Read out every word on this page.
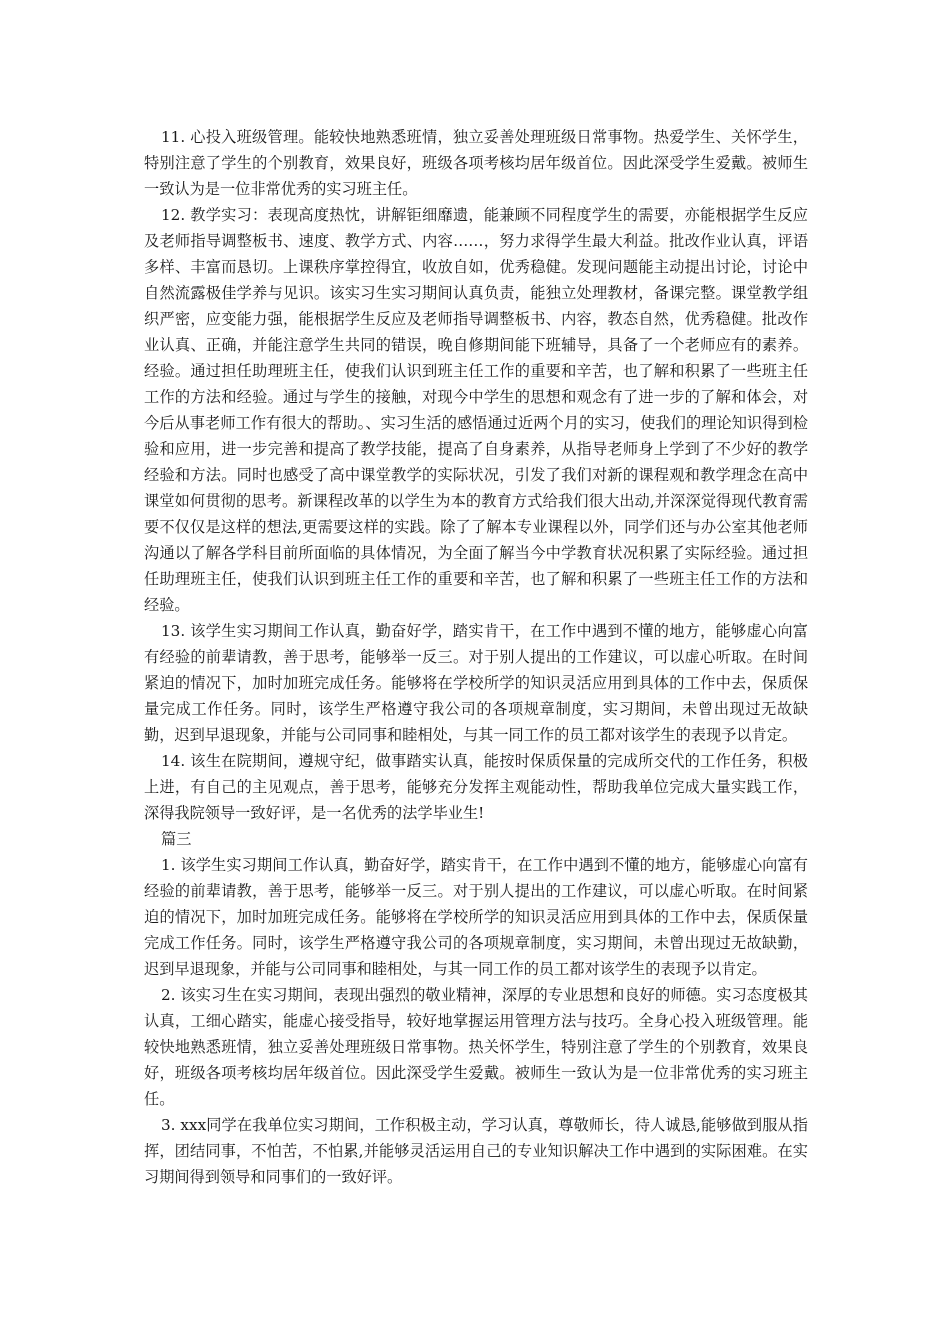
11. 心投入班级管理。能较快地熟悉班情，独立妥善处理班级日常事物。热爱学生、关怀学生，特别注意了学生的个别教育，效果良好，班级各项考核均居年级首位。因此深受学生爱戴。被师生一致认为是一位非常优秀的实习班主任。

12. 教学实习：表现高度热忱，讲解钜细靡遗，能兼顾不同程度学生的需要，亦能根据学生反应及老师指导调整板书、速度、教学方式、内容……，努力求得学生最大利益。批改作业认真，评语多样、丰富而恳切。上课秩序掌控得宜，收放自如，优秀稳健。发现问题能主动提出讨论，讨论中自然流露极佳学养与见识。该实习生实习期间认真负责，能独立处理教材，备课完整。课堂教学组织严密，应变能力强，能根据学生反应及老师指导调整板书、内容，教态自然，优秀稳健。批改作业认真、正确，并能注意学生共同的错误，晚自修期间能下班辅导，具备了一个老师应有的素养。经验。通过担任助理班主任，使我们认识到班主任工作的重要和辛苦，也了解和积累了一些班主任工作的方法和经验。通过与学生的接触，对现今中学生的思想和观念有了进一步的了解和体会，对今后从事老师工作有很大的帮助。、实习生活的感悟通过近两个月的实习，使我们的理论知识得到检验和应用，进一步完善和提高了教学技能，提高了自身素养，从指导老师身上学到了不少好的教学经验和方法。同时也感受了高中课堂教学的实际状况，引发了我们对新的课程观和教学理念在高中课堂如何贯彻的思考。新课程改革的以学生为本的教育方式给我们很大出动,并深深觉得现代教育需要不仅仅是这样的想法,更需要这样的实践。除了了解本专业课程以外，同学们还与办公室其他老师沟通以了解各学科目前所面临的具体情况，为全面了解当今中学教育状况积累了实际经验。通过担任助理班主任，使我们认识到班主任工作的重要和辛苦，也了解和积累了一些班主任工作的方法和经验。

13. 该学生实习期间工作认真，勤奋好学，踏实肯干，在工作中遇到不懂的地方，能够虚心向富有经验的前辈请教，善于思考，能够举一反三。对于别人提出的工作建议，可以虚心听取。在时间紧迫的情况下，加时加班完成任务。能够将在学校所学的知识灵活应用到具体的工作中去，保质保量完成工作任务。同时，该学生严格遵守我公司的各项规章制度，实习期间，未曾出现过无故缺勤，迟到早退现象，并能与公司同事和睦相处，与其一同工作的员工都对该学生的表现予以肯定。

14. 该生在院期间，遵规守纪，做事踏实认真，能按时保质保量的完成所交代的工作任务，积极上进，有自己的主见观点，善于思考，能够充分发挥主观能动性，帮助我单位完成大量实践工作，深得我院领导一致好评，是一名优秀的法学毕业生!

篇三

1. 该学生实习期间工作认真，勤奋好学，踏实肯干，在工作中遇到不懂的地方，能够虚心向富有经验的前辈请教，善于思考，能够举一反三。对于别人提出的工作建议，可以虚心听取。在时间紧迫的情况下，加时加班完成任务。能够将在学校所学的知识灵活应用到具体的工作中去，保质保量完成工作任务。同时，该学生严格遵守我公司的各项规章制度，实习期间，未曾出现过无故缺勤，迟到早退现象，并能与公司同事和睦相处，与其一同工作的员工都对该学生的表现予以肯定。

2. 该实习生在实习期间，表现出强烈的敬业精神，深厚的专业思想和良好的师德。实习态度极其认真，工细心踏实，能虚心接受指导，较好地掌握运用管理方法与技巧。全身心投入班级管理。能较快地熟悉班情，独立妥善处理班级日常事物。热关怀学生，特别注意了学生的个别教育，效果良好，班级各项考核均居年级首位。因此深受学生爱戴。被师生一致认为是一位非常优秀的实习班主任。

3. xxx同学在我单位实习期间，工作积极主动，学习认真，尊敬师长，待人诚恳,能够做到服从指挥，团结同事，不怕苦，不怕累,并能够灵活运用自己的专业知识解决工作中遇到的实际困难。在实习期间得到领导和同事们的一致好评。
